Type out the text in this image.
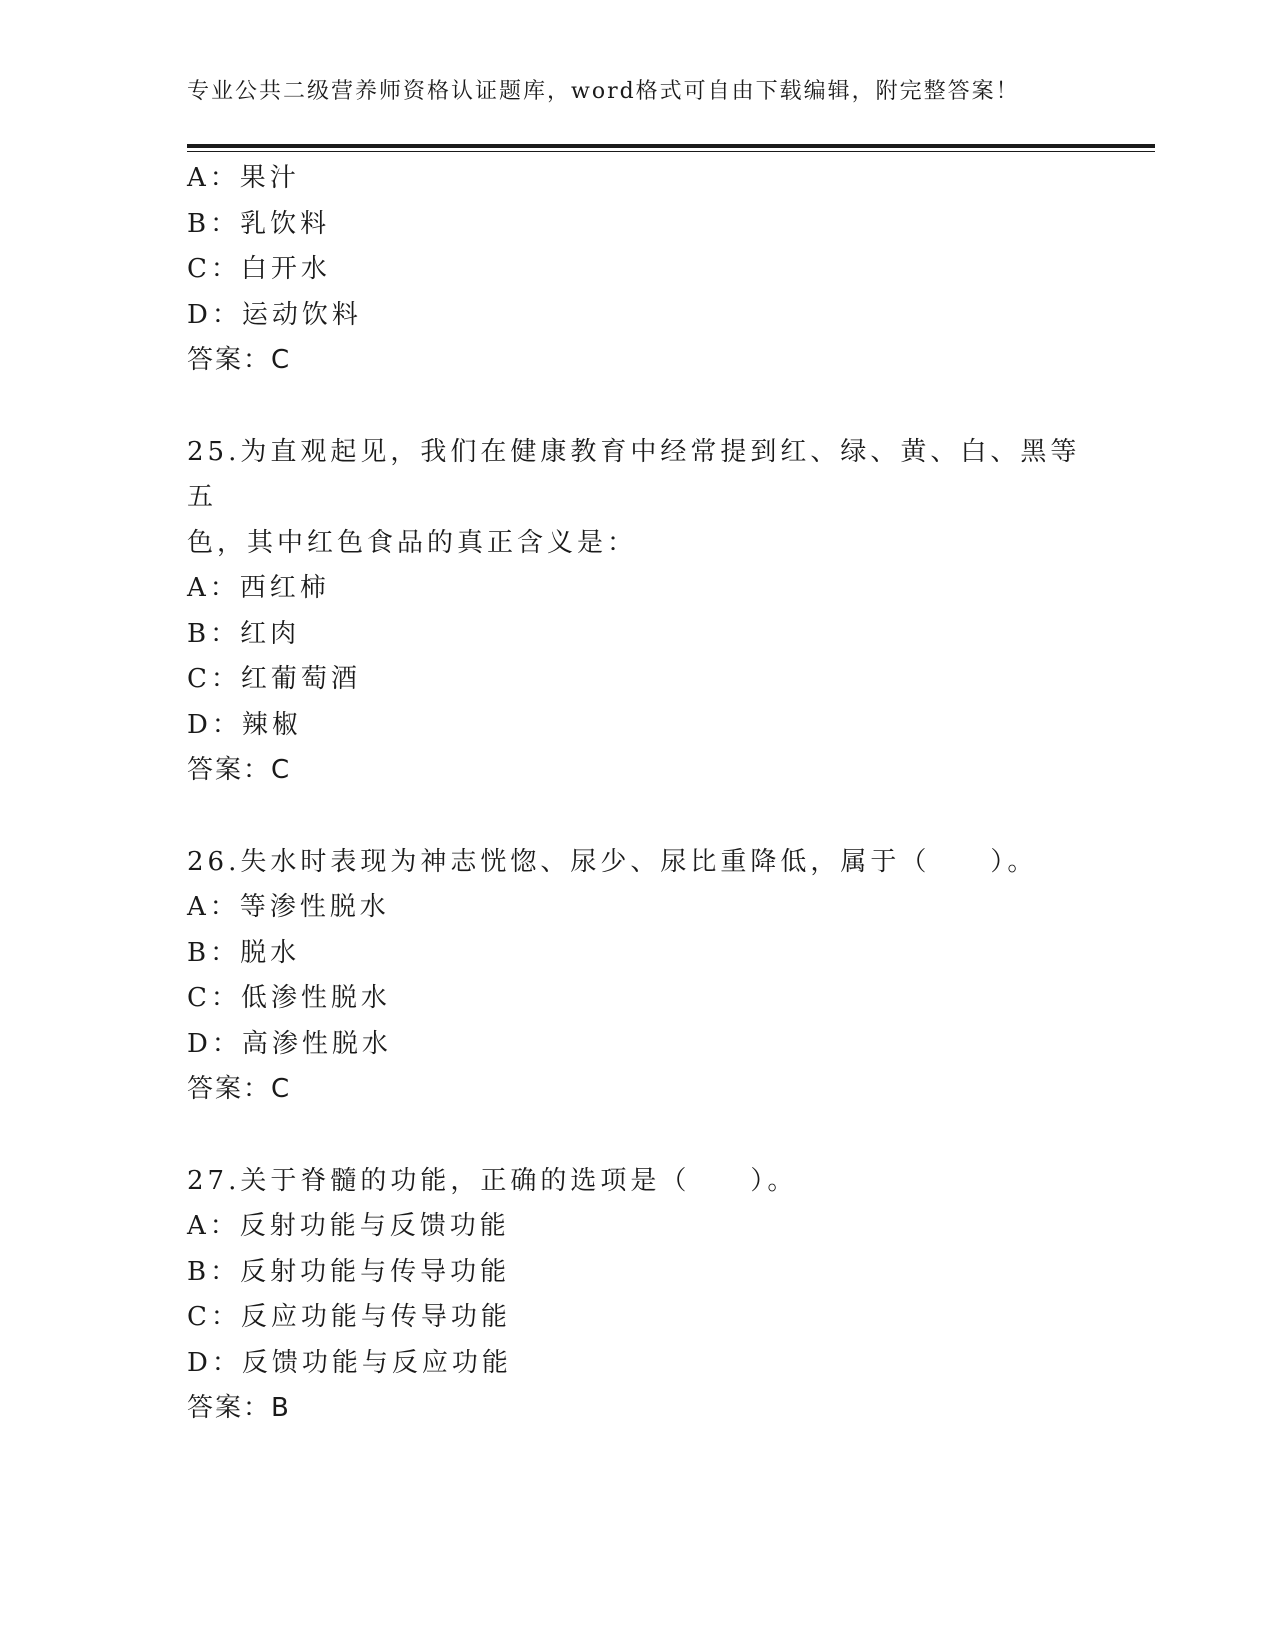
专业公共二级营养师资格认证题库，word格式可自由下载编辑，附完整答案！
A：果汁
B：乳饮料
C：白开水
D：运动饮料
答案：C
25.为直观起见，我们在健康教育中经常提到红、绿、黄、白、黑等五
色，其中红色食品的真正含义是：
A：西红柿
B：红肉
C：红葡萄酒
D：辣椒
答案：C
26.失水时表现为神志恍惚、尿少、尿比重降低，属于（　　）。
A：等渗性脱水
B：脱水
C：低渗性脱水
D：高渗性脱水
答案：C
27.关于脊髓的功能，正确的选项是（　　）。
A：反射功能与反馈功能
B：反射功能与传导功能
C：反应功能与传导功能
D：反馈功能与反应功能
答案：B
